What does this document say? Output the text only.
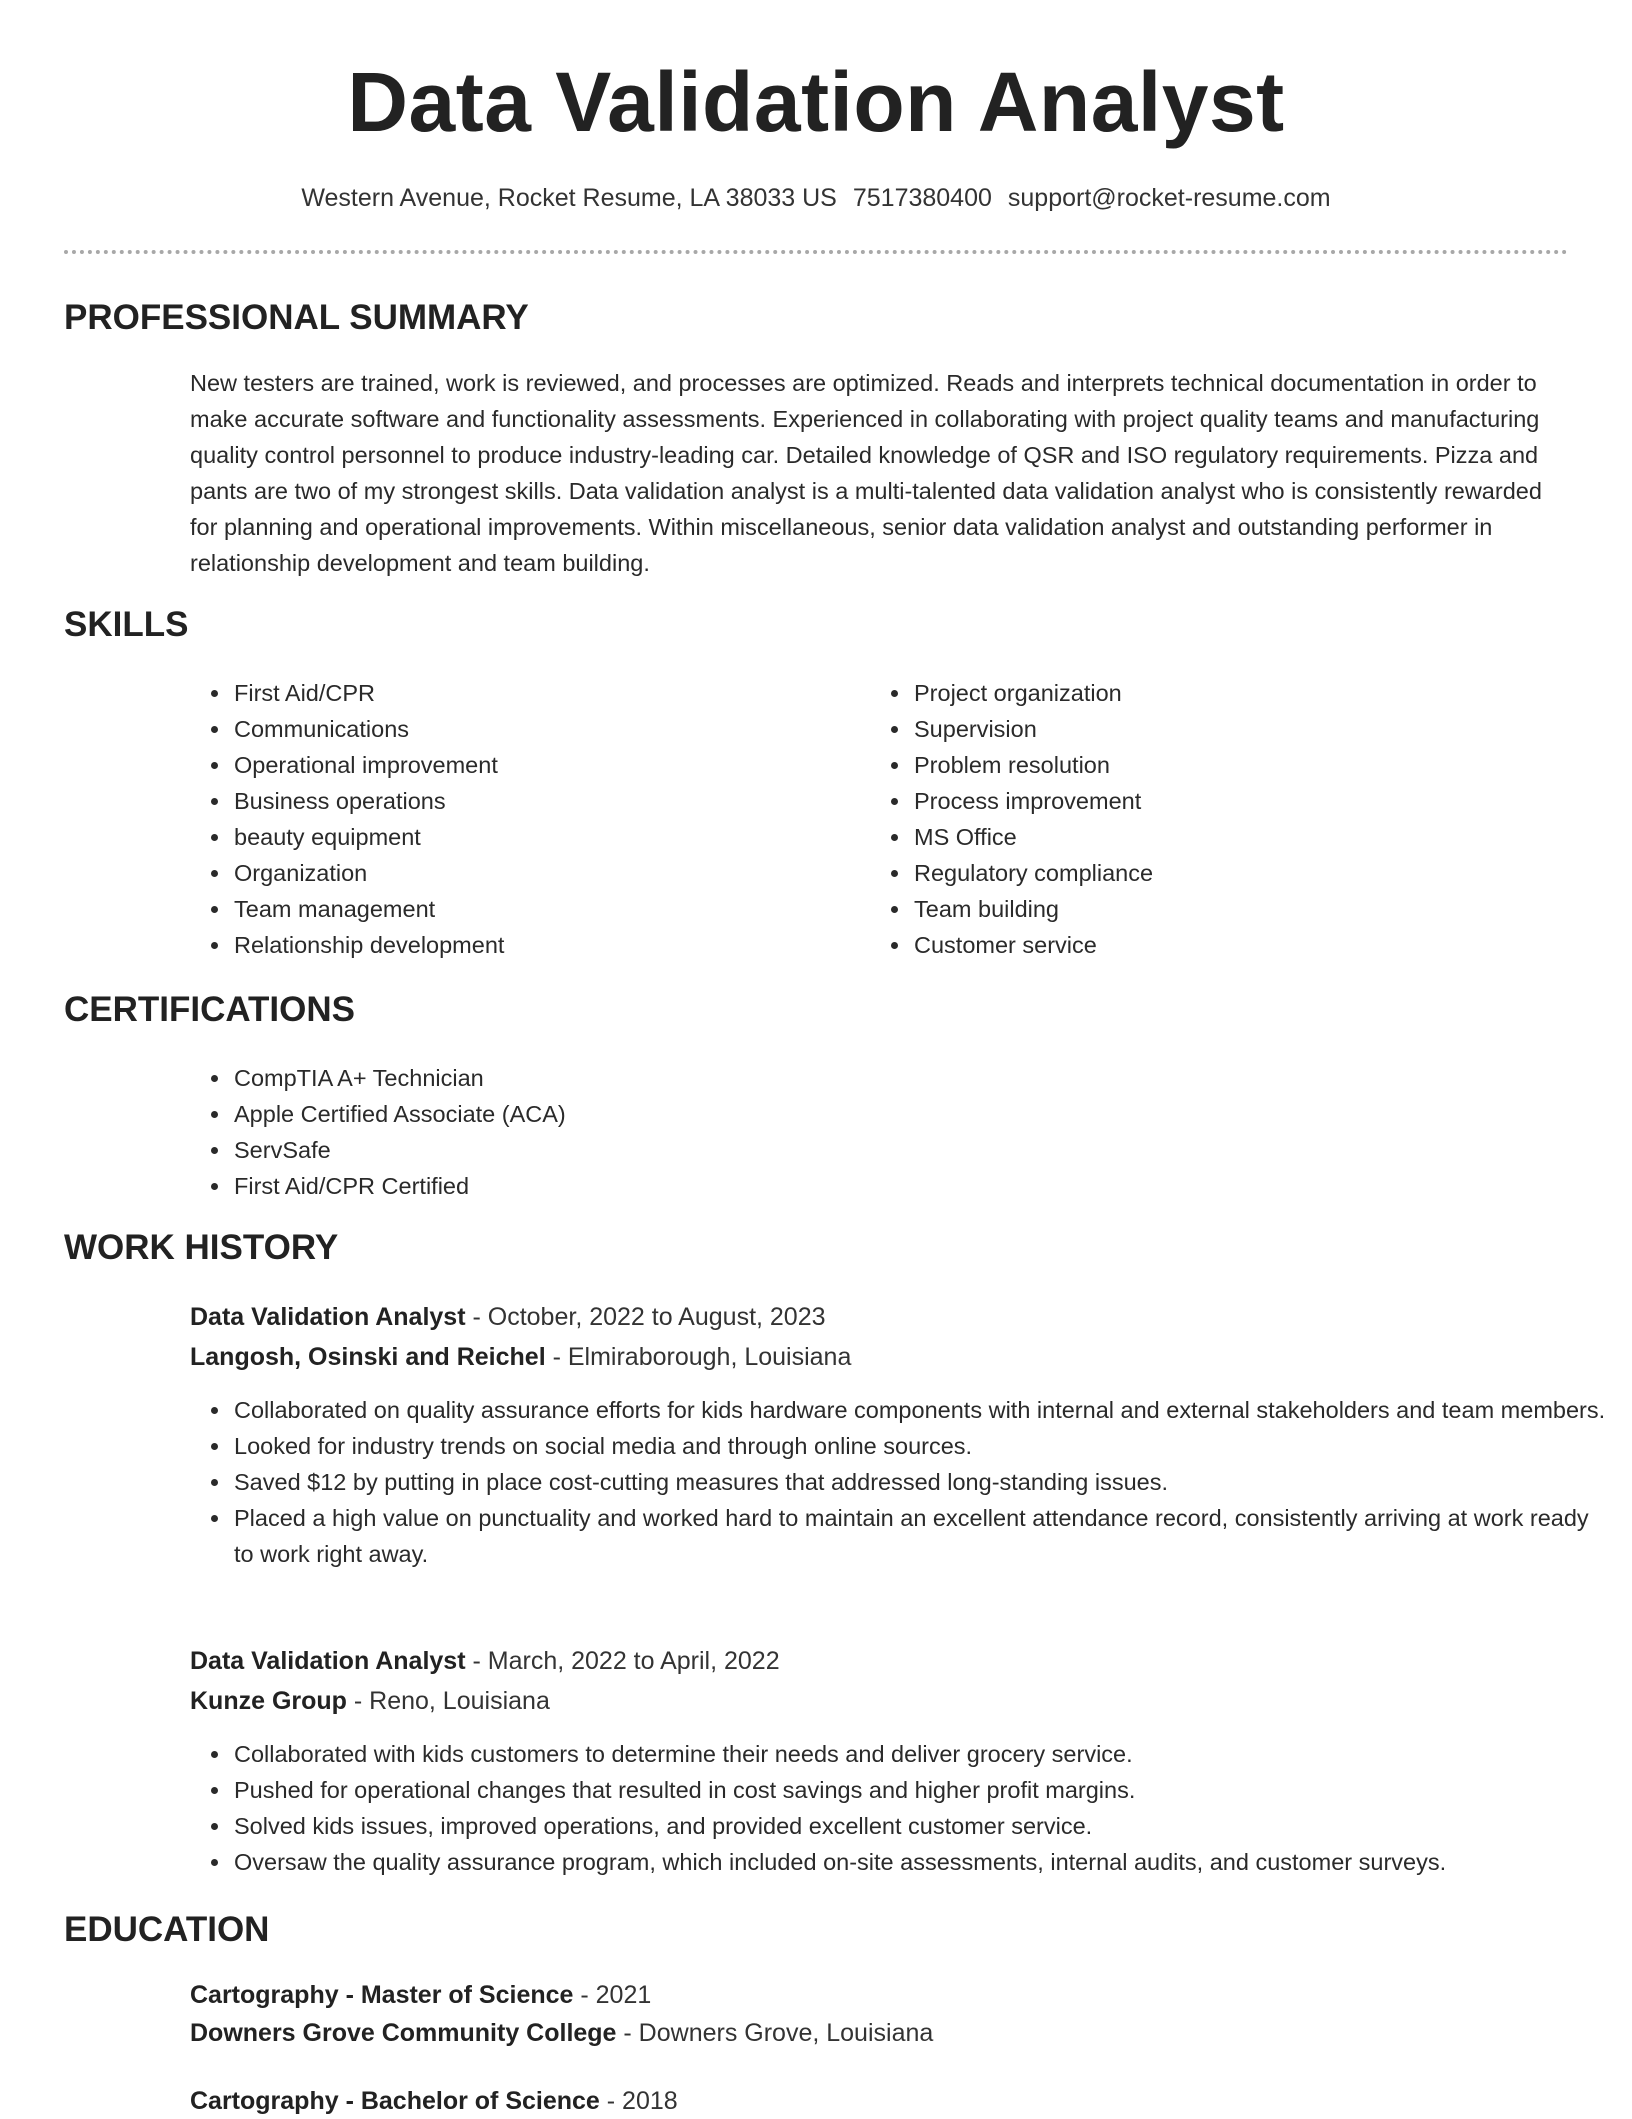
Data Validation Analyst
Western Avenue, Rocket Resume, LA 38033 US 7517380400 support@rocket-resume.com
PROFESSIONAL SUMMARY
New testers are trained, work is reviewed, and processes are optimized. Reads and interprets technical documentation in order to make accurate software and functionality assessments. Experienced in collaborating with project quality teams and manufacturing quality control personnel to produce industry-leading car. Detailed knowledge of QSR and ISO regulatory requirements. Pizza and pants are two of my strongest skills. Data validation analyst is a multi-talented data validation analyst who is consistently rewarded for planning and operational improvements. Within miscellaneous, senior data validation analyst and outstanding performer in relationship development and team building.
SKILLS
• First Aid/CPR
• Communications
• Operational improvement
• Business operations
• beauty equipment
• Organization
• Team management
• Relationship development
• Project organization
• Supervision
• Problem resolution
• Process improvement
• MS Office
• Regulatory compliance
• Team building
• Customer service
CERTIFICATIONS
• CompTIA A+ Technician
• Apple Certified Associate (ACA)
• ServSafe
• First Aid/CPR Certified
WORK HISTORY
Data Validation Analyst - October, 2022 to August, 2023
Langosh, Osinski and Reichel - Elmiraborough, Louisiana
• Collaborated on quality assurance efforts for kids hardware components with internal and external stakeholders and team members.
• Looked for industry trends on social media and through online sources.
• Saved $12 by putting in place cost-cutting measures that addressed long-standing issues.
• Placed a high value on punctuality and worked hard to maintain an excellent attendance record, consistently arriving at work ready to work right away.
Data Validation Analyst - March, 2022 to April, 2022
Kunze Group - Reno, Louisiana
• Collaborated with kids customers to determine their needs and deliver grocery service.
• Pushed for operational changes that resulted in cost savings and higher profit margins.
• Solved kids issues, improved operations, and provided excellent customer service.
• Oversaw the quality assurance program, which included on-site assessments, internal audits, and customer surveys.
EDUCATION
Cartography - Master of Science - 2021
Downers Grove Community College - Downers Grove, Louisiana
Cartography - Bachelor of Science - 2018
